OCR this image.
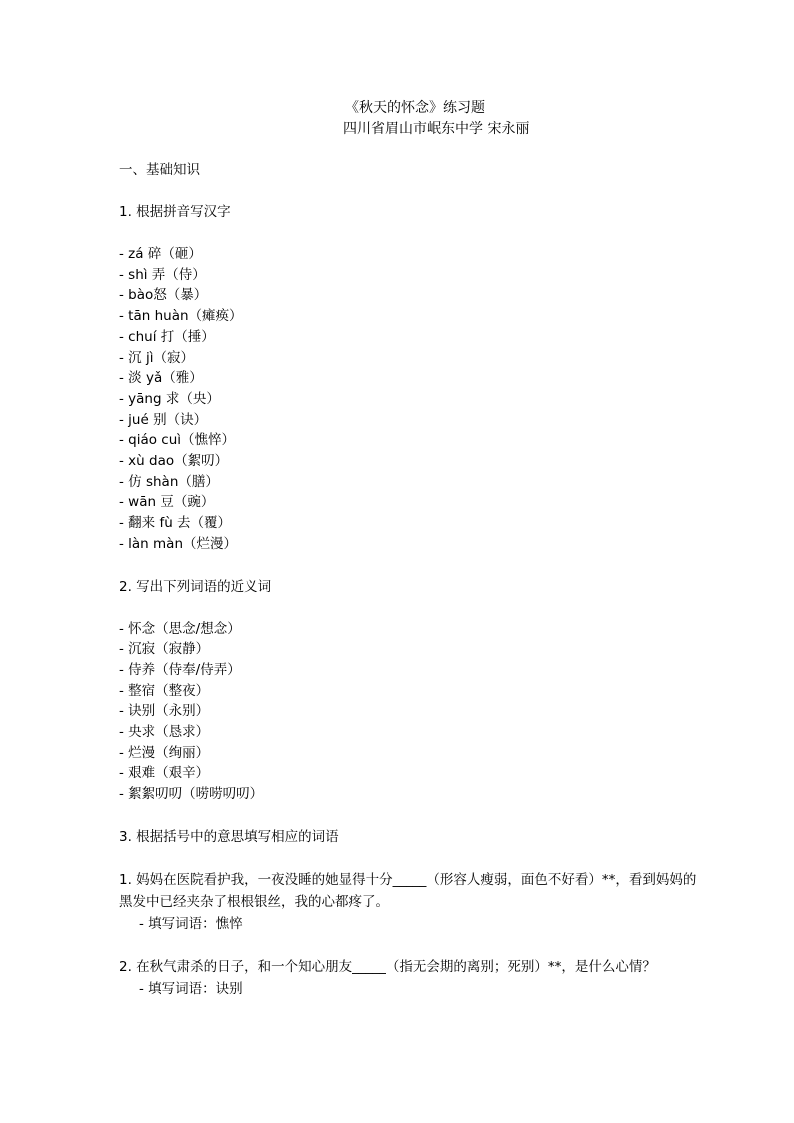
《秋天的怀念》练习题
四川省眉山市岷东中学 宋永丽
一、基础知识
1. 根据拼音写汉字
- zá 碎（砸）
- shì 弄（侍）
- bào怒（暴）
- tān huàn（瘫痪）
- chuí 打（捶）
- 沉 jì（寂）
- 淡 yǎ（雅）
- yāng 求（央）
- jué 别（诀）
- qiáo cuì（憔悴）
- xù dao（絮叨）
- 仿 shàn（膳）
- wān 豆（豌）
- 翻来 fù 去（覆）
- làn màn（烂漫）
2. 写出下列词语的近义词
- 怀念（思念/想念）
- 沉寂（寂静）
- 侍养（侍奉/侍弄）
- 整宿（整夜）
- 诀别（永别）
- 央求（恳求）
- 烂漫（绚丽）
- 艰难（艰辛）
- 絮絮叨叨（唠唠叨叨）
3. 根据括号中的意思填写相应的词语
1. 妈妈在医院看护我，一夜没睡的她显得十分_____（形容人瘦弱，面色不好看）**，看到妈妈的黑发中已经夹杂了根根银丝，我的心都疼了。
- 填写词语：憔悴
2. 在秋气肃杀的日子，和一个知心朋友_____（指无会期的离别；死别）**，是什么心情？
- 填写词语：诀别
